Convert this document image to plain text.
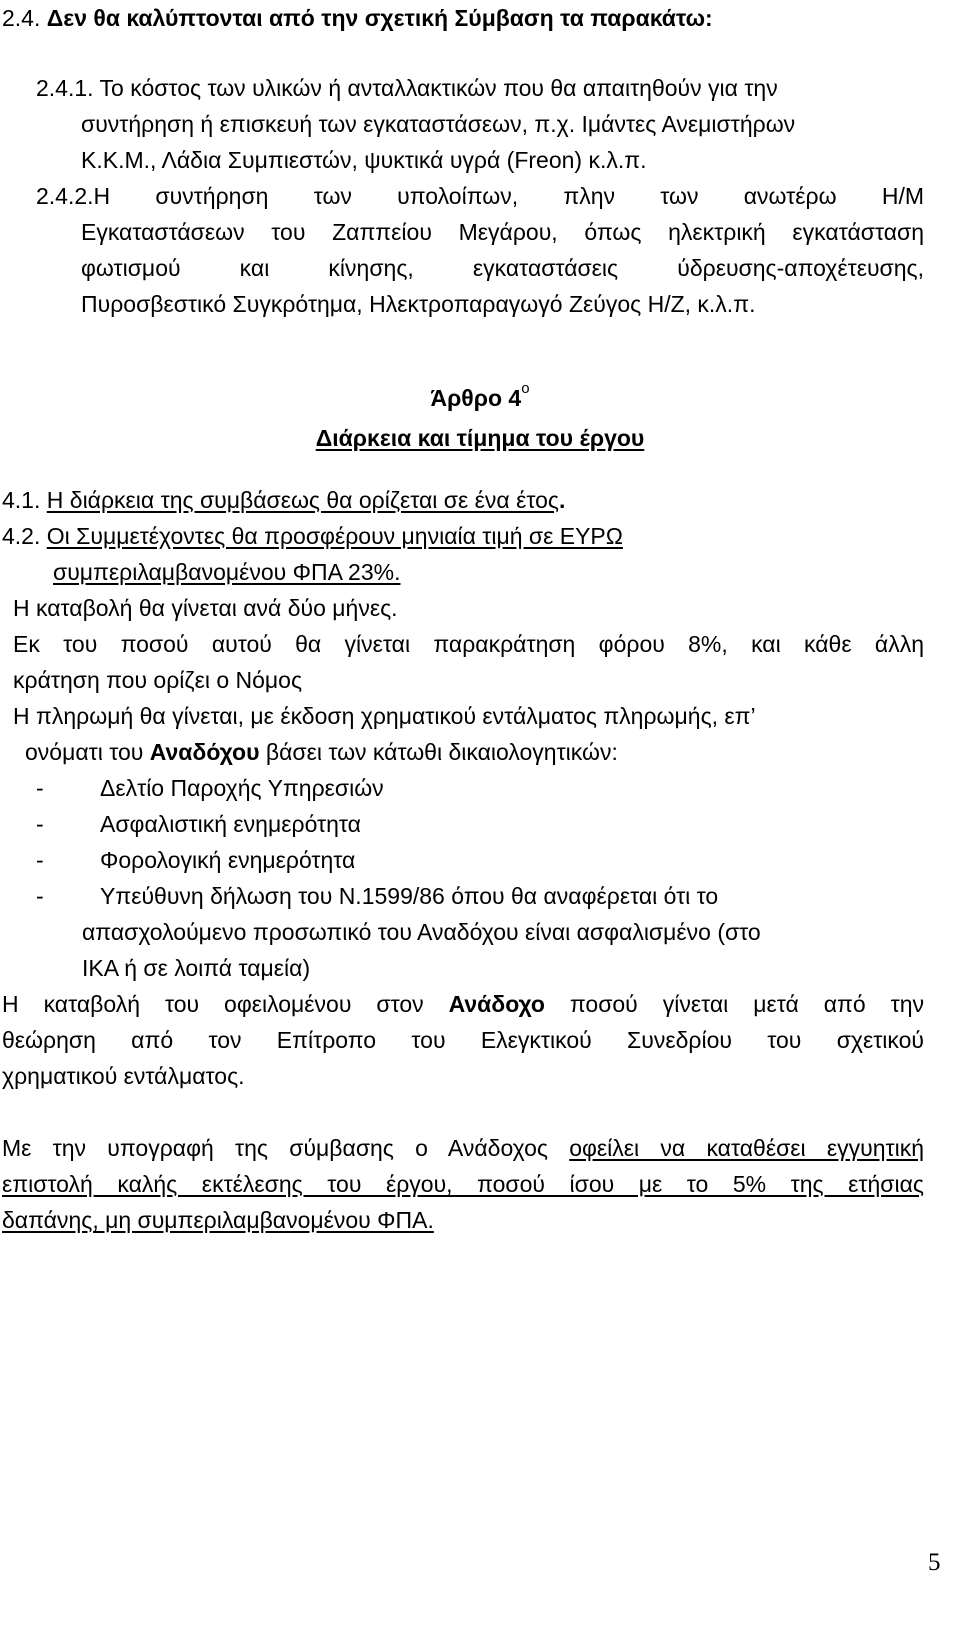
2.4. Δεν θα καλύπτονται από την σχετική Σύμβαση τα παρακάτω:
2.4.1. Το κόστος των υλικών ή ανταλλακτικών που θα απαιτηθούν για την
συντήρηση ή επισκευή των εγκαταστάσεων, π.χ. Ιμάντες Ανεμιστήρων
Κ.Κ.Μ., Λάδια Συμπιεστών, ψυκτικά υγρά (Freon) κ.λ.π.
2.4.2.Η συντήρηση των υπολοίπων, πλην των ανωτέρω Η/Μ
Εγκαταστάσεων του Ζαππείου Μεγάρου, όπως ηλεκτρική εγκατάσταση
φωτισμού και κίνησης, εγκαταστάσεις ύδρευσης-αποχέτευσης,
Πυροσβεστικό Συγκρότημα, Ηλεκτροπαραγωγό Ζεύγος Η/Ζ, κ.λ.π.
Άρθρο $4^o$
Διάρκεια και τίμημα του έργου
4.1. Η διάρκεια της συμβάσεως θα ορίζεται σε ένα έτος.
4.2. Οι Συμμετέχοντες θα προσφέρουν μηνιαία τιμή σε ΕΥΡΩ
συμπεριλαμβανομένου ΦΠΑ 23%.
Η καταβολή θα γίνεται ανά δύο μήνες.
Εκ του ποσού αυτού θα γίνεται παρακράτηση φόρου 8%, και κάθε άλλη
κράτηση που ορίζει ο Νόμος
Η πληρωμή θα γίνεται, με έκδοση χρηματικού εντάλματος πληρωμής, επ’
ονόματι του Αναδόχου βάσει των κάτωθι δικαιολογητικών:
- Δελτίο Παροχής Υπηρεσιών
- Ασφαλιστική ενημερότητα
- Φορολογική ενημερότητα
- Υπεύθυνη δήλωση του Ν.1599/86 όπου θα αναφέρεται ότι το
απασχολούμενο προσωπικό του Αναδόχου είναι ασφαλισμένο (στο
ΙΚΑ ή σε λοιπά ταμεία)
Η καταβολή του οφειλομένου στον Ανάδοχο ποσού γίνεται μετά από την
θεώρηση από τον Επίτροπο του Ελεγκτικού Συνεδρίου του σχετικού
χρηματικού εντάλματος.
Με την υπογραφή της σύμβασης ο Ανάδοχος οφείλει να καταθέσει εγγυητική
επιστολή καλής εκτέλεσης του έργου, ποσού ίσου με το 5% της ετήσιας
δαπάνης, μη συμπεριλαμβανομένου ΦΠΑ.
5
